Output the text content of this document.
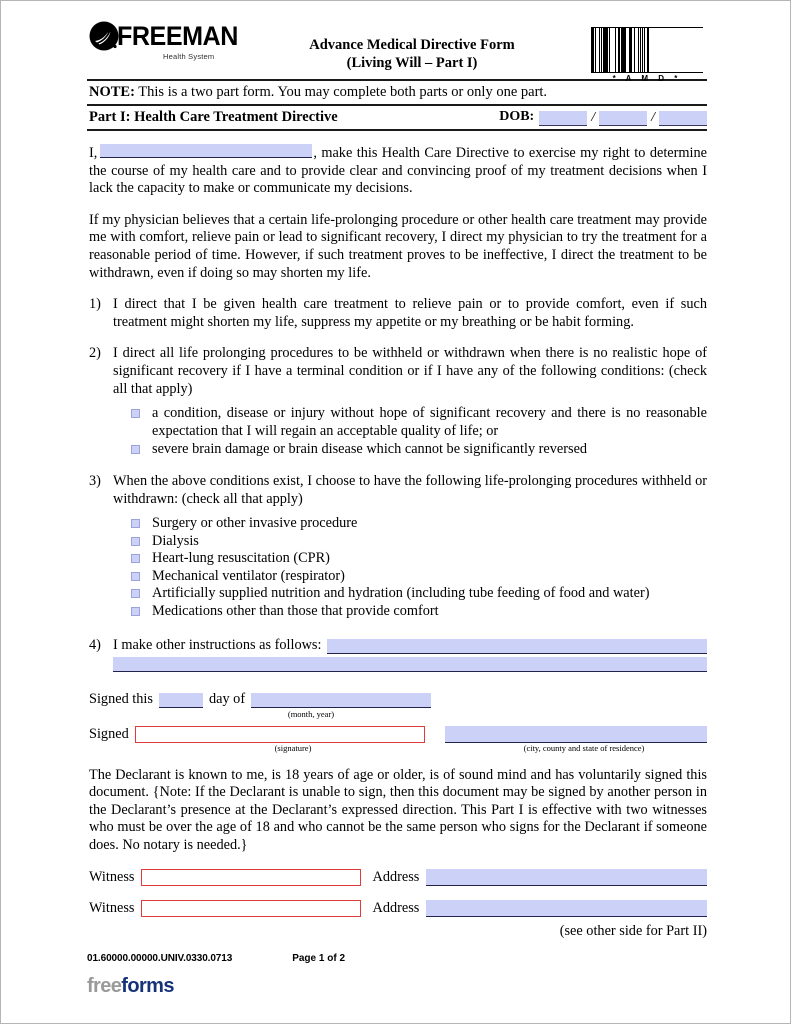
FREEMAN
Health System
Advance Medical Directive Form
(Living Will – Part I)
* A M D *
NOTE: This is a two part form. You may complete both parts or only one part.
Part I: Health Care Treatment Directive	DOB:	/	/
I,	, make this Health Care Directive to exercise my right to determine the course of my health care and to provide clear and convincing proof of my treatment decisions when I lack the capacity to make or communicate my decisions.
If my physician believes that a certain life-prolonging procedure or other health care treatment may provide me with comfort, relieve pain or lead to significant recovery, I direct my physician to try the treatment for a reasonable period of time. However, if such treatment proves to be ineffective, I direct the treatment to be withdrawn, even if doing so may shorten my life.
1) I direct that I be given health care treatment to relieve pain or to provide comfort, even if such treatment might shorten my life, suppress my appetite or my breathing or be habit forming.
2) I direct all life prolonging procedures to be withheld or withdrawn when there is no realistic hope of significant recovery if I have a terminal condition or if I have any of the following conditions: (check all that apply)
a condition, disease or injury without hope of significant recovery and there is no reasonable expectation that I will regain an acceptable quality of life; or
severe brain damage or brain disease which cannot be significantly reversed
3) When the above conditions exist, I choose to have the following life-prolonging procedures withheld or withdrawn: (check all that apply)
Surgery or other invasive procedure
Dialysis
Heart-lung resuscitation (CPR)
Mechanical ventilator (respirator)
Artificially supplied nutrition and hydration (including tube feeding of food and water)
Medications other than those that provide comfort
4) I make other instructions as follows:
Signed this	day of
(month, year)
Signed
(signature)	(city, county and state of residence)
The Declarant is known to me, is 18 years of age or older, is of sound mind and has voluntarily signed this document. {Note: If the Declarant is unable to sign, then this document may be signed by another person in the Declarant’s presence at the Declarant’s expressed direction. This Part I is effective with two witnesses who must be over the age of 18 and who cannot be the same person who signs for the Declarant if someone does. No notary is needed.}
Witness	Address
Witness	Address
(see other side for Part II)
01.60000.00000.UNIV.0330.0713	Page 1 of 2
freeforms
